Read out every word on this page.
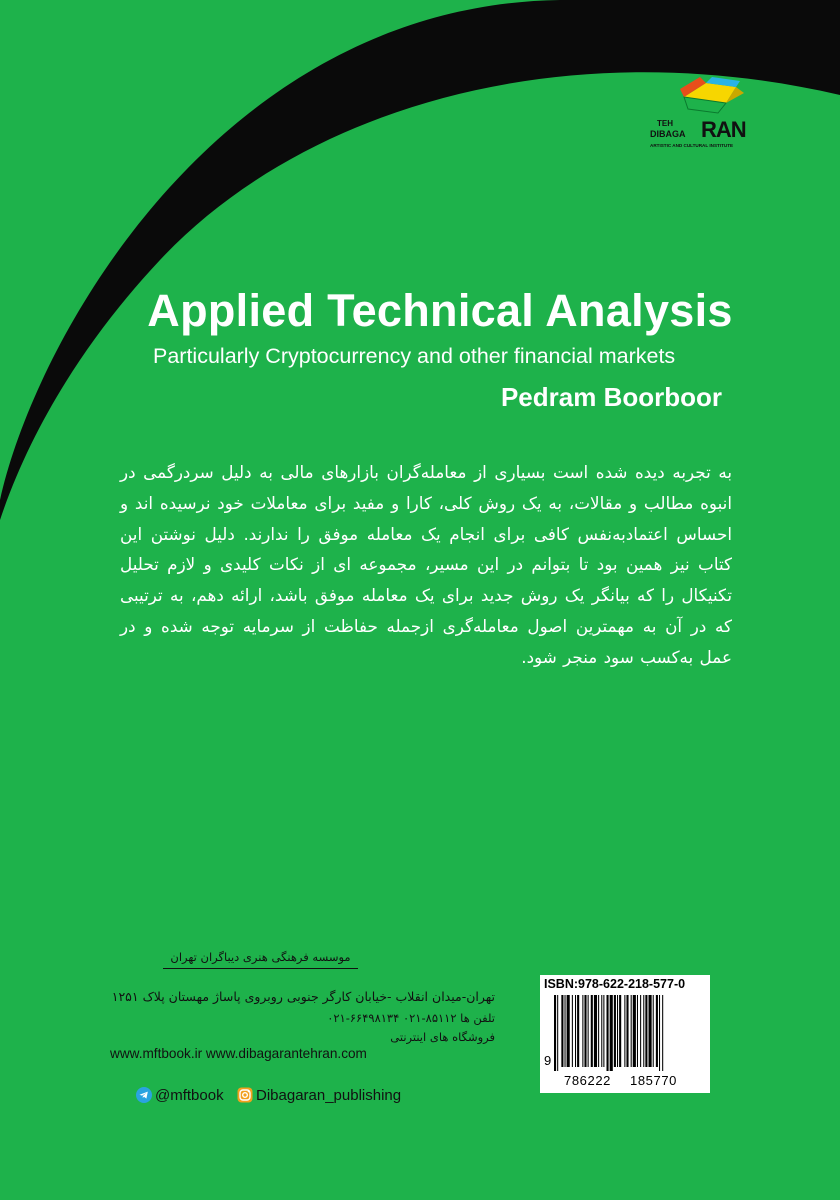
TEH
DIBAGA RAN
ARTISTIC AND CULTURAL INSTITUTE
Applied Technical Analysis
Particularly Cryptocurrency and other financial markets
Pedram Boorboor
به تجربه دیده شده است بسیاری از معامله‌گران بازارهای مالی به دلیل سردرگمی در انبوه مطالب و مقالات، به یک روش کلی، کارا و مفید برای معاملات خود نرسیده اند و احساس اعتمادبه‌نفس کافی برای انجام یک معامله موفق را ندارند. دلیل نوشتن این کتاب نیز همین بود تا بتوانم در این مسیر، مجموعه ای از نکات کلیدی و لازم تحلیل تکنیکال را که بیانگر یک روش جدید برای یک معامله موفق باشد، ارائه دهم، به ترتیبی که در آن به مهمترین اصول معامله‌گری ازجمله حفاظت از سرمایه توجه شده و در عمل به‌کسب سود منجر شود.
موسسه فرهنگی هنری دیباگران تهران
تهران-میدان انقلاب -خیابان کارگر جنوبی روبروی پاساژ مهستان پلاک ۱۲۵۱
تلفن ها ۸۵۱۱۲-۰۲۱ ۶۶۴۹۸۱۳۴-۰۲۱
فروشگاه های اینترنتی
www.mftbook.ir www.dibagarantehran.com
@mftbook Dibagaran_publishing
ISBN:978-622-218-577-0
9
786222 185770
